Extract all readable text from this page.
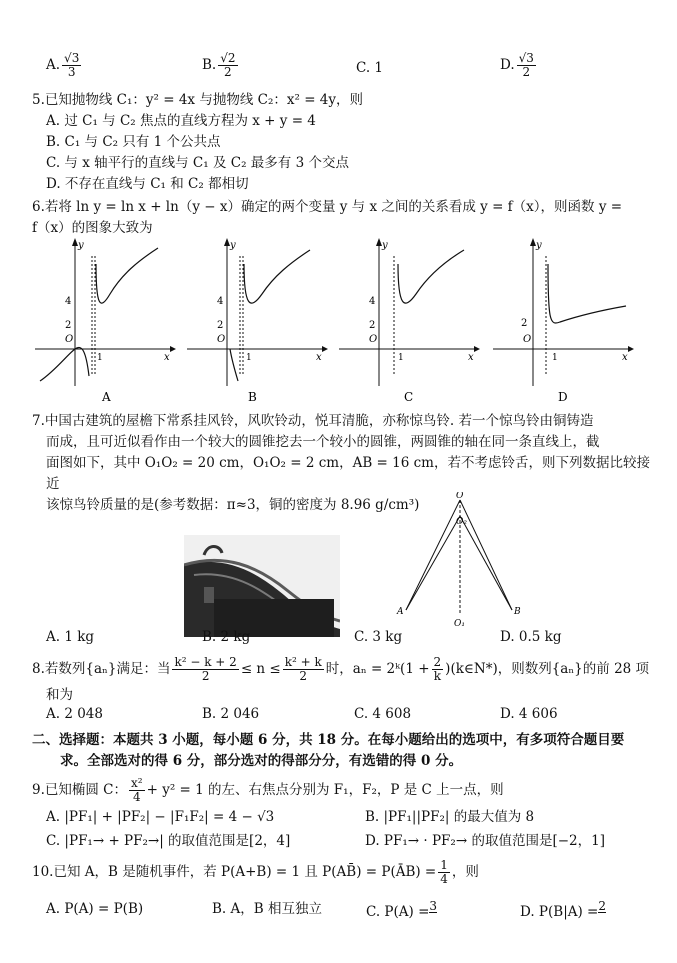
A. $\frac{√3}{3}$	B. $\frac{√2}{2}$	C. 1	D. $\frac{√3}{2}$
5.已知抛物线 C₁：y² = 4x 与抛物线 C₂：x² = 4y，则
A. 过 C₁ 与 C₂ 焦点的直线方程为 x + y = 4
B. C₁ 与 C₂ 只有 1 个公共点
C. 与 x 轴平行的直线与 C₁ 及 C₂ 最多有 3 个交点
D. 不存在直线与 C₁ 和 C₂ 都相切
6.若将 ln y = ln x + ln（y − x）确定的两个变量 y 与 x 之间的关系看成 y = f（x），则函数 y =
f（x）的图象大致为
y
x
O
4
2
1
A
y
x
O
4
2
1
B
y
x
O
4
2
1
C
y
x
O
2
1
D
7.中国古建筑的屋檐下常系挂风铃，风吹铃动，悦耳清脆，亦称惊鸟铃. 若一个惊鸟铃由铜铸造
而成，且可近似看作由一个较大的圆锥挖去一个较小的圆锥，两圆锥的轴在同一条直线上，截
面图如下，其中 O₁O₂ = 20 cm，O₁O₂ = 2 cm，AB = 16 cm，若不考虑铃舌，则下列数据比较接近
该惊鸟铃质量的是(参考数据：π≈3，铜的密度为 8.96 g/cm³)
O
O₂
O₁
A	B
A. 1 kg	B. 2 kg	C. 3 kg	D. 0.5 kg
8.若数列{aₙ}满足：当 $\frac{\text{k² − k + 2}}{2} \le n \le \frac{\text{k² + k}}{2}$ 时，aₙ = 2ᵏ(1 + $\frac{2}{k}$ )(k∈N*)，则数列{aₙ}的前 28 项
和为
A. 2 048	B. 2 046	C. 4 608	D. 4 606
二、选择题：本题共 3 小题，每小题 6 分，共 18 分。在每小题给出的选项中，有多项符合题目要
求。全部选对的得 6 分，部分选对的得部分分，有选错的得 0 分。
9.已知椭圆 C： $\frac{\text{x²}}{4} + y^2 = 1$ 的左、右焦点分别为 F₁，F₂，P 是 C 上一点，则
A. |PF₁| + |PF₂| − |F₁F₂| = 4 − √3	B. |PF₁||PF₂| 的最大值为 8
C. |PF₁→ + PF₂→| 的取值范围是[2，4]	D. PF₁→ · PF₂→ 的取值范围是[−2，1]
10.已知 A，B 是随机事件，若 P(A+B) = 1 且 P(AB̄) = P(ĀB) = $\frac{1}{4}$ ，则
A. P(A) = P(B)	B. A，B 相互独立	C. P(A) =3	D. P(B|A) =2
